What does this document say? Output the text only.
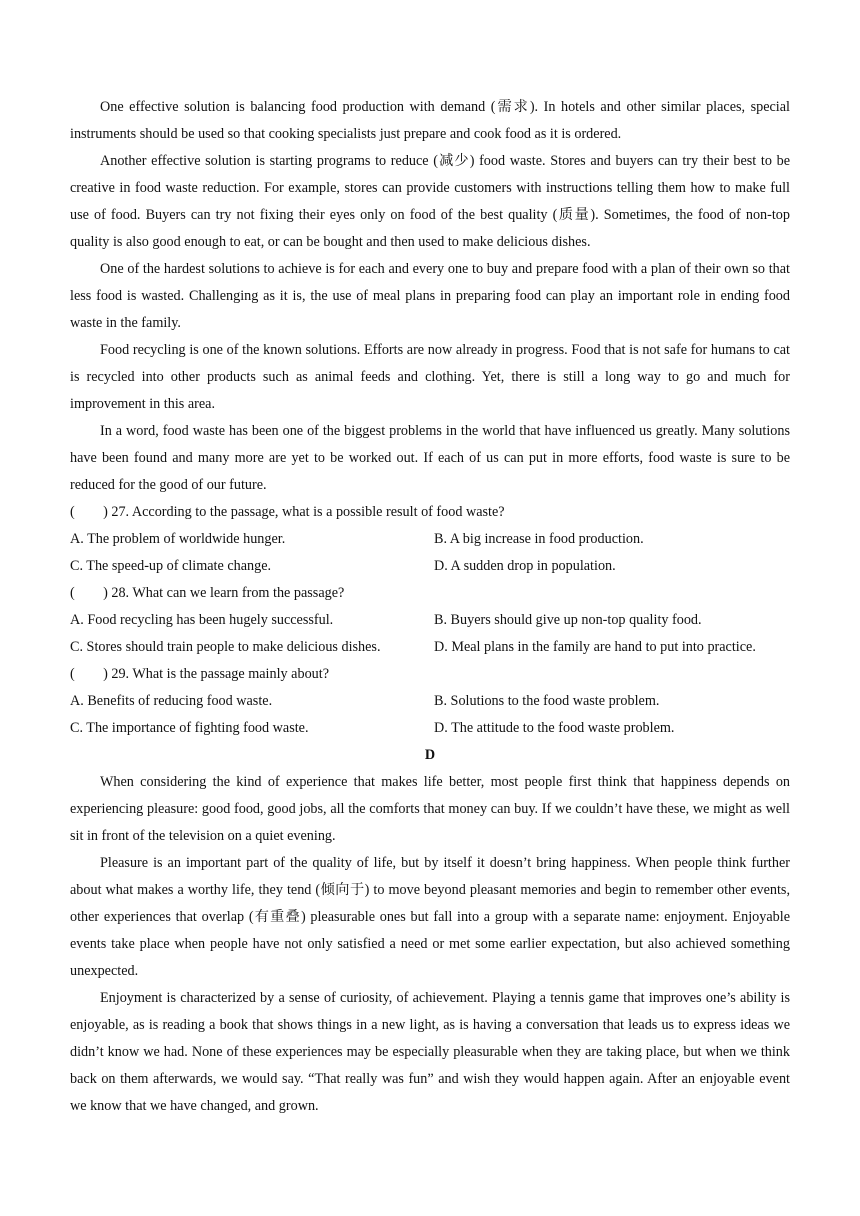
One effective solution is balancing food production with demand (需求). In hotels and other similar places, special instruments should be used so that cooking specialists just prepare and cook food as it is ordered.

Another effective solution is starting programs to reduce (减少) food waste. Stores and buyers can try their best to be creative in food waste reduction. For example, stores can provide customers with instructions telling them how to make full use of food. Buyers can try not fixing their eyes only on food of the best quality (质量). Sometimes, the food of non-top quality is also good enough to eat, or can be bought and then used to make delicious dishes.

One of the hardest solutions to achieve is for each and every one to buy and prepare food with a plan of their own so that less food is wasted. Challenging as it is, the use of meal plans in preparing food can play an important role in ending food waste in the family.

Food recycling is one of the known solutions. Efforts are now already in progress. Food that is not safe for humans to cat is recycled into other products such as animal feeds and clothing. Yet, there is still a long way to go and much for improvement in this area.

In a word, food waste has been one of the biggest problems in the world that have influenced us greatly. Many solutions have been found and many more are yet to be worked out. If each of us can put in more efforts, food waste is sure to be reduced for the good of our future.

(        ) 27. According to the passage, what is a possible result of food waste?

A. The problem of worldwide hunger.	B. A big increase in food production.
C. The speed-up of climate change.	D. A sudden drop in population.

(        ) 28. What can we learn from the passage?

A. Food recycling has been hugely successful.	B. Buyers should give up non-top quality food.
C. Stores should train people to make delicious dishes.	D. Meal plans in the family are hand to put into practice.

(        ) 29. What is the passage mainly about?

A. Benefits of reducing food waste.	B. Solutions to the food waste problem.
C. The importance of fighting food waste.	D. The attitude to the food waste problem.

D

When considering the kind of experience that makes life better, most people first think that happiness depends on experiencing pleasure: good food, good jobs, all the comforts that money can buy. If we couldn’t have these, we might as well sit in front of the television on a quiet evening.

Pleasure is an important part of the quality of life, but by itself it doesn’t bring happiness. When people think further about what makes a worthy life, they tend (倾向于) to move beyond pleasant memories and begin to remember other events, other experiences that overlap (有重叠) pleasurable ones but fall into a group with a separate name: enjoyment. Enjoyable events take place when people have not only satisfied a need or met some earlier expectation, but also achieved something unexpected.

Enjoyment is characterized by a sense of curiosity, of achievement. Playing a tennis game that improves one’s ability is enjoyable, as is reading a book that shows things in a new light, as is having a conversation that leads us to express ideas we didn’t know we had. None of these experiences may be especially pleasurable when they are taking place, but when we think back on them afterwards, we would say. “That really was fun” and wish they would happen again. After an enjoyable event we know that we have changed, and grown.
